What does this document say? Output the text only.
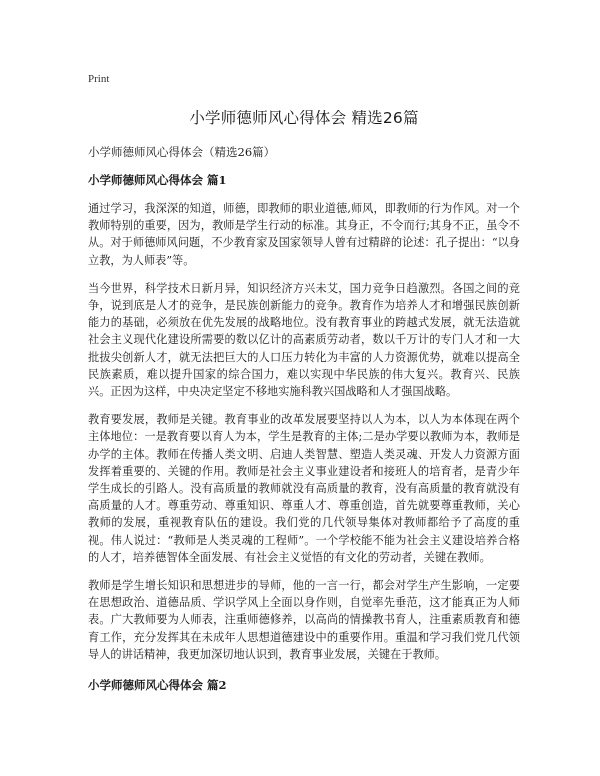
Print
小学师德师风心得体会 精选26篇
小学师德师风心得体会（精选26篇）
小学师德师风心得体会 篇1

通过学习，我深深的知道，师德，即教师的职业道德,师风，即教师的行为作风。对一个教师特别的重要，因为，教师是学生行动的标准。其身正，不令而行;其身不正，虽令不从。对于师德师风问题，不少教育家及国家领导人曾有过精辟的论述：孔子提出：“以身立教，为人师表”等。

当今世界，科学技术日新月异，知识经济方兴未艾，国力竞争日趋激烈。各国之间的竞争，说到底是人才的竞争，是民族创新能力的竞争。教育作为培养人才和增强民族创新能力的基础，必须放在优先发展的战略地位。没有教育事业的跨越式发展，就无法造就社会主义现代化建设所需要的数以亿计的高素质劳动者，数以千万计的专门人才和一大批拔尖创新人才，就无法把巨大的人口压力转化为丰富的人力资源优势，就难以提高全民族素质，难以提升国家的综合国力，难以实现中华民族的伟大复兴。教育兴、民族兴。正因为这样，中央决定坚定不移地实施科教兴国战略和人才强国战略。

教育要发展，教师是关键。教育事业的改革发展要坚持以人为本，以人为本体现在两个主体地位：一是教育要以育人为本，学生是教育的主体;二是办学要以教师为本，教师是办学的主体。教师在传播人类文明、启迪人类智慧、塑造人类灵魂、开发人力资源方面发挥着重要的、关键的作用。教师是社会主义事业建设者和接班人的培育者，是青少年学生成长的引路人。没有高质量的教师就没有高质量的教育，没有高质量的教育就没有高质量的人才。尊重劳动、尊重知识、尊重人才、尊重创造，首先就要尊重教师，关心教师的发展，重视教育队伍的建设。我们党的几代领导集体对教师都给予了高度的重视。伟人说过：“教师是人类灵魂的工程师”。一个学校能不能为社会主义建设培养合格的人才，培养德智体全面发展、有社会主义觉悟的有文化的劳动者，关键在教师。

教师是学生增长知识和思想进步的导师，他的一言一行，都会对学生产生影响，一定要在思想政治、道德品质、学识学风上全面以身作则，自觉率先垂范，这才能真正为人师表。广大教师要为人师表，注重师德修养，以高尚的情操教书育人，注重素质教育和德育工作，充分发挥其在未成年人思想道德建设中的重要作用。重温和学习我们党几代领导人的讲话精神，我更加深切地认识到，教育事业发展，关键在于教师。

小学师德师风心得体会 篇2
